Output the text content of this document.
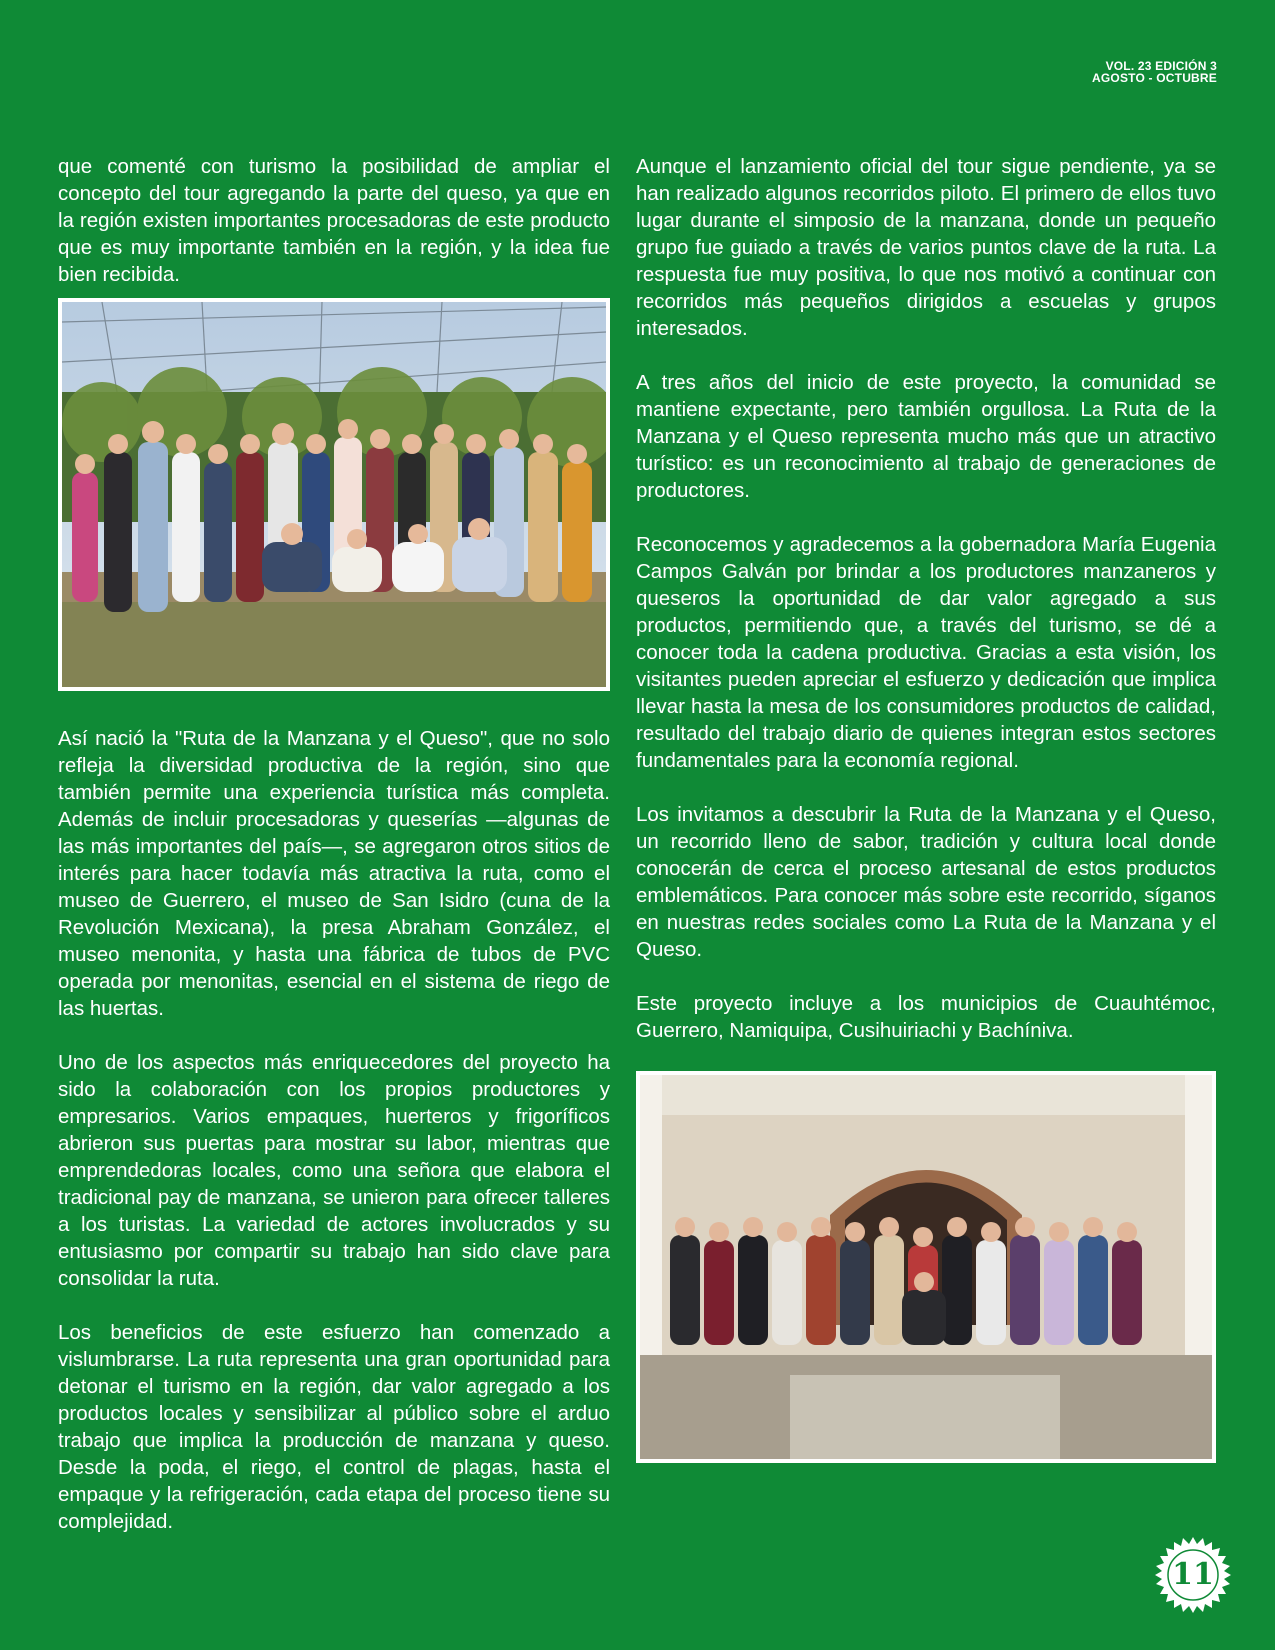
VOL. 23 EDICIÓN 3
AGOSTO - OCTUBRE

que comenté con turismo la posibilidad de ampliar el concepto del tour agregando la parte del queso, ya que en la región existen importantes procesadoras de este producto que es muy importante también en la región, y la idea fue bien recibida.

Así nació la "Ruta de la Manzana y el Queso", que no solo refleja la diversidad productiva de la región, sino que también permite una experiencia turística más completa. Además de incluir procesadoras y queserías —algunas de las más importantes del país—, se agregaron otros sitios de interés para hacer todavía más atractiva la ruta, como el museo de Guerrero, el museo de San Isidro (cuna de la Revolución Mexicana), la presa Abraham González, el museo menonita, y hasta una fábrica de tubos de PVC operada por menonitas, esencial en el sistema de riego de las huertas.

Uno de los aspectos más enriquecedores del proyecto ha sido la colaboración con los propios productores y empresarios. Varios empaques, huerteros y frigoríficos abrieron sus puertas para mostrar su labor, mientras que emprendedoras locales, como una señora que elabora el tradicional pay de manzana, se unieron para ofrecer talleres a los turistas. La variedad de actores involucrados y su entusiasmo por compartir su trabajo han sido clave para consolidar la ruta.

Los beneficios de este esfuerzo han comenzado a vislumbrarse. La ruta representa una gran oportunidad para detonar el turismo en la región, dar valor agregado a los productos locales y sensibilizar al público sobre el arduo trabajo que implica la producción de manzana y queso. Desde la poda, el riego, el control de plagas, hasta el empaque y la refrigeración, cada etapa del proceso tiene su complejidad.

Aunque el lanzamiento oficial del tour sigue pendiente, ya se han realizado algunos recorridos piloto. El primero de ellos tuvo lugar durante el simposio de la manzana, donde un pequeño grupo fue guiado a través de varios puntos clave de la ruta. La respuesta fue muy positiva, lo que nos motivó a continuar con recorridos más pequeños dirigidos a escuelas y grupos interesados.

A tres años del inicio de este proyecto, la comunidad se mantiene expectante, pero también orgullosa. La Ruta de la Manzana y el Queso representa mucho más que un atractivo turístico: es un reconocimiento al trabajo de generaciones de productores.

Reconocemos y agradecemos a la gobernadora María Eugenia Campos Galván por brindar a los productores manzaneros y queseros la oportunidad de dar valor agregado a sus productos, permitiendo que, a través del turismo, se dé a conocer toda la cadena productiva. Gracias a esta visión, los visitantes pueden apreciar el esfuerzo y dedicación que implica llevar hasta la mesa de los consumidores productos de calidad, resultado del trabajo diario de quienes integran estos sectores fundamentales para la economía regional.

Los invitamos a descubrir la Ruta de la Manzana y el Queso, un recorrido lleno de sabor, tradición y cultura local donde conocerán de cerca el proceso artesanal de estos productos emblemáticos. Para conocer más sobre este recorrido, síganos en nuestras redes sociales como La Ruta de la Manzana y el Queso.

Este proyecto incluye a los municipios de Cuauhtémoc, Guerrero, Namiquipa, Cusihuiriachi y Bachíniva.

11
